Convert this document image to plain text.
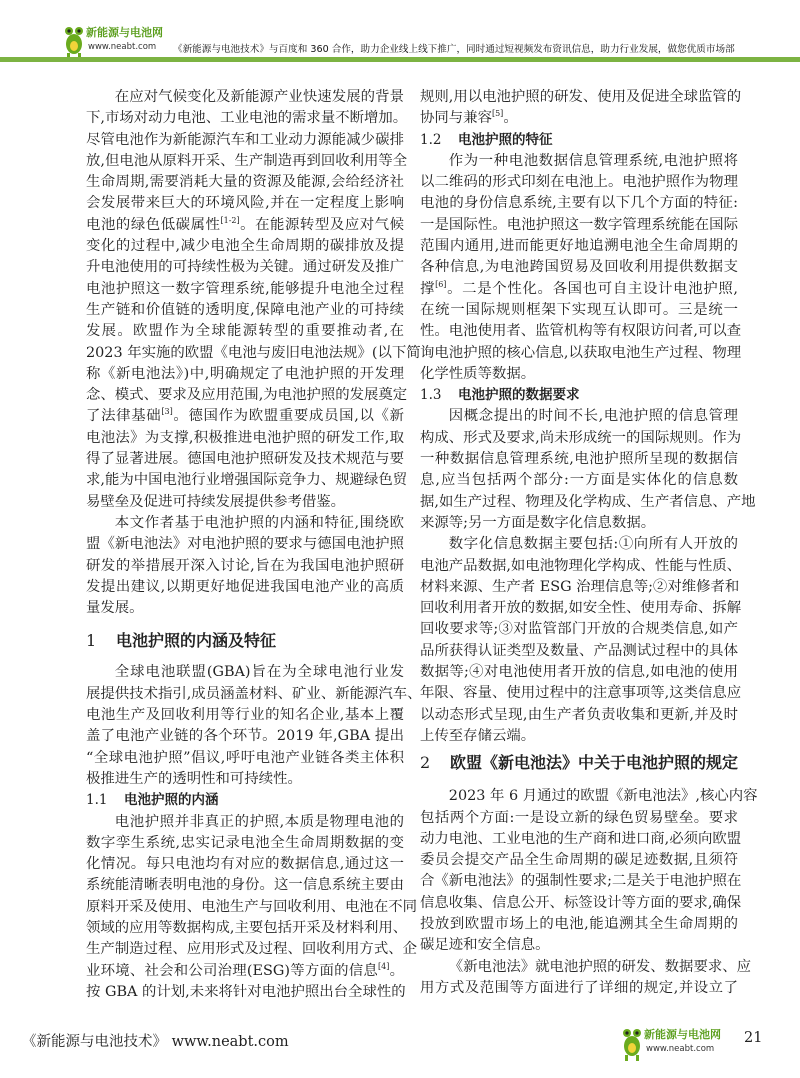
新能源与电池网
www.neabt.com 《新能源与电池技术》与百度和 360 合作，助力企业线上线下推广，同时通过短视频发布资讯信息，助力行业发展，做您优质市场部
在应对气候变化及新能源产业快速发展的背景
下,市场对动力电池、工业电池的需求量不断增加。
尽管电池作为新能源汽车和工业动力源能减少碳排
放,但电池从原料开采、生产制造再到回收利用等全
生命周期,需要消耗大量的资源及能源,会给经济社
会发展带来巨大的环境风险,并在一定程度上影响
电池的绿色低碳属性[1-2]。在能源转型及应对气候
变化的过程中,减少电池全生命周期的碳排放及提
升电池使用的可持续性极为关键。通过研发及推广
电池护照这一数字管理系统,能够提升电池全过程
生产链和价值链的透明度,保障电池产业的可持续
发展。欧盟作为全球能源转型的重要推动者,在
2023 年实施的欧盟《电池与废旧电池法规》(以下简
称《新电池法》)中,明确规定了电池护照的开发理
念、模式、要求及应用范围,为电池护照的发展奠定
了法律基础[3]。德国作为欧盟重要成员国,以《新
电池法》为支撑,积极推进电池护照的研发工作,取
得了显著进展。德国电池护照研发及技术规范与要
求,能为中国电池行业增强国际竞争力、规避绿色贸
易壁垒及促进可持续发展提供参考借鉴。
本文作者基于电池护照的内涵和特征,围绕欧
盟《新电池法》对电池护照的要求与德国电池护照
研发的举措展开深入讨论,旨在为我国电池护照研
发提出建议,以期更好地促进我国电池产业的高质
量发展。
1 电池护照的内涵及特征
全球电池联盟(GBA)旨在为全球电池行业发
展提供技术指引,成员涵盖材料、矿业、新能源汽车、
电池生产及回收利用等行业的知名企业,基本上覆
盖了电池产业链的各个环节。2019 年,GBA 提出
“全球电池护照”倡议,呼吁电池产业链各类主体积
极推进生产的透明性和可持续性。
1.1 电池护照的内涵
电池护照并非真正的护照,本质是物理电池的
数字孪生系统,忠实记录电池全生命周期数据的变
化情况。每只电池均有对应的数据信息,通过这一
系统能清晰表明电池的身份。这一信息系统主要由
原料开采及使用、电池生产与回收利用、电池在不同
领域的应用等数据构成,主要包括开采及材料利用、
生产制造过程、应用形式及过程、回收利用方式、企
业环境、社会和公司治理(ESG)等方面的信息[4]。
按 GBA 的计划,未来将针对电池护照出台全球性的
规则,用以电池护照的研发、使用及促进全球监管的
协同与兼容[5]。
1.2 电池护照的特征
作为一种电池数据信息管理系统,电池护照将
以二维码的形式印刻在电池上。电池护照作为物理
电池的身份信息系统,主要有以下几个方面的特征:
一是国际性。电池护照这一数字管理系统能在国际
范围内通用,进而能更好地追溯电池全生命周期的
各种信息,为电池跨国贸易及回收利用提供数据支
撑[6]。二是个性化。各国也可自主设计电池护照,
在统一国际规则框架下实现互认即可。三是统一
性。电池使用者、监管机构等有权限访问者,可以查
询电池护照的核心信息,以获取电池生产过程、物理
化学性质等数据。
1.3 电池护照的数据要求
因概念提出的时间不长,电池护照的信息管理
构成、形式及要求,尚未形成统一的国际规则。作为
一种数据信息管理系统,电池护照所呈现的数据信
息,应当包括两个部分:一方面是实体化的信息数
据,如生产过程、物理及化学构成、生产者信息、产地
来源等;另一方面是数字化信息数据。
数字化信息数据主要包括:①向所有人开放的
电池产品数据,如电池物理化学构成、性能与性质、
材料来源、生产者 ESG 治理信息等;②对维修者和
回收利用者开放的数据,如安全性、使用寿命、拆解
回收要求等;③对监管部门开放的合规类信息,如产
品所获得认证类型及数量、产品测试过程中的具体
数据等;④对电池使用者开放的信息,如电池的使用
年限、容量、使用过程中的注意事项等,这类信息应
以动态形式呈现,由生产者负责收集和更新,并及时
上传至存储云端。
2 欧盟《新电池法》中关于电池护照的规定
2023 年 6 月通过的欧盟《新电池法》,核心内容
包括两个方面:一是设立新的绿色贸易壁垒。要求
动力电池、工业电池的生产商和进口商,必须向欧盟
委员会提交产品全生命周期的碳足迹数据,且须符
合《新电池法》的强制性要求;二是关于电池护照在
信息收集、信息公开、标签设计等方面的要求,确保
投放到欧盟市场上的电池,能追溯其全生命周期的
碳足迹和安全信息。
《新电池法》就电池护照的研发、数据要求、应
用方式及范围等方面进行了详细的规定,并设立了
《新能源与电池技术》 www.neabt.com	新能源与电池网
www.neabt.com
21
